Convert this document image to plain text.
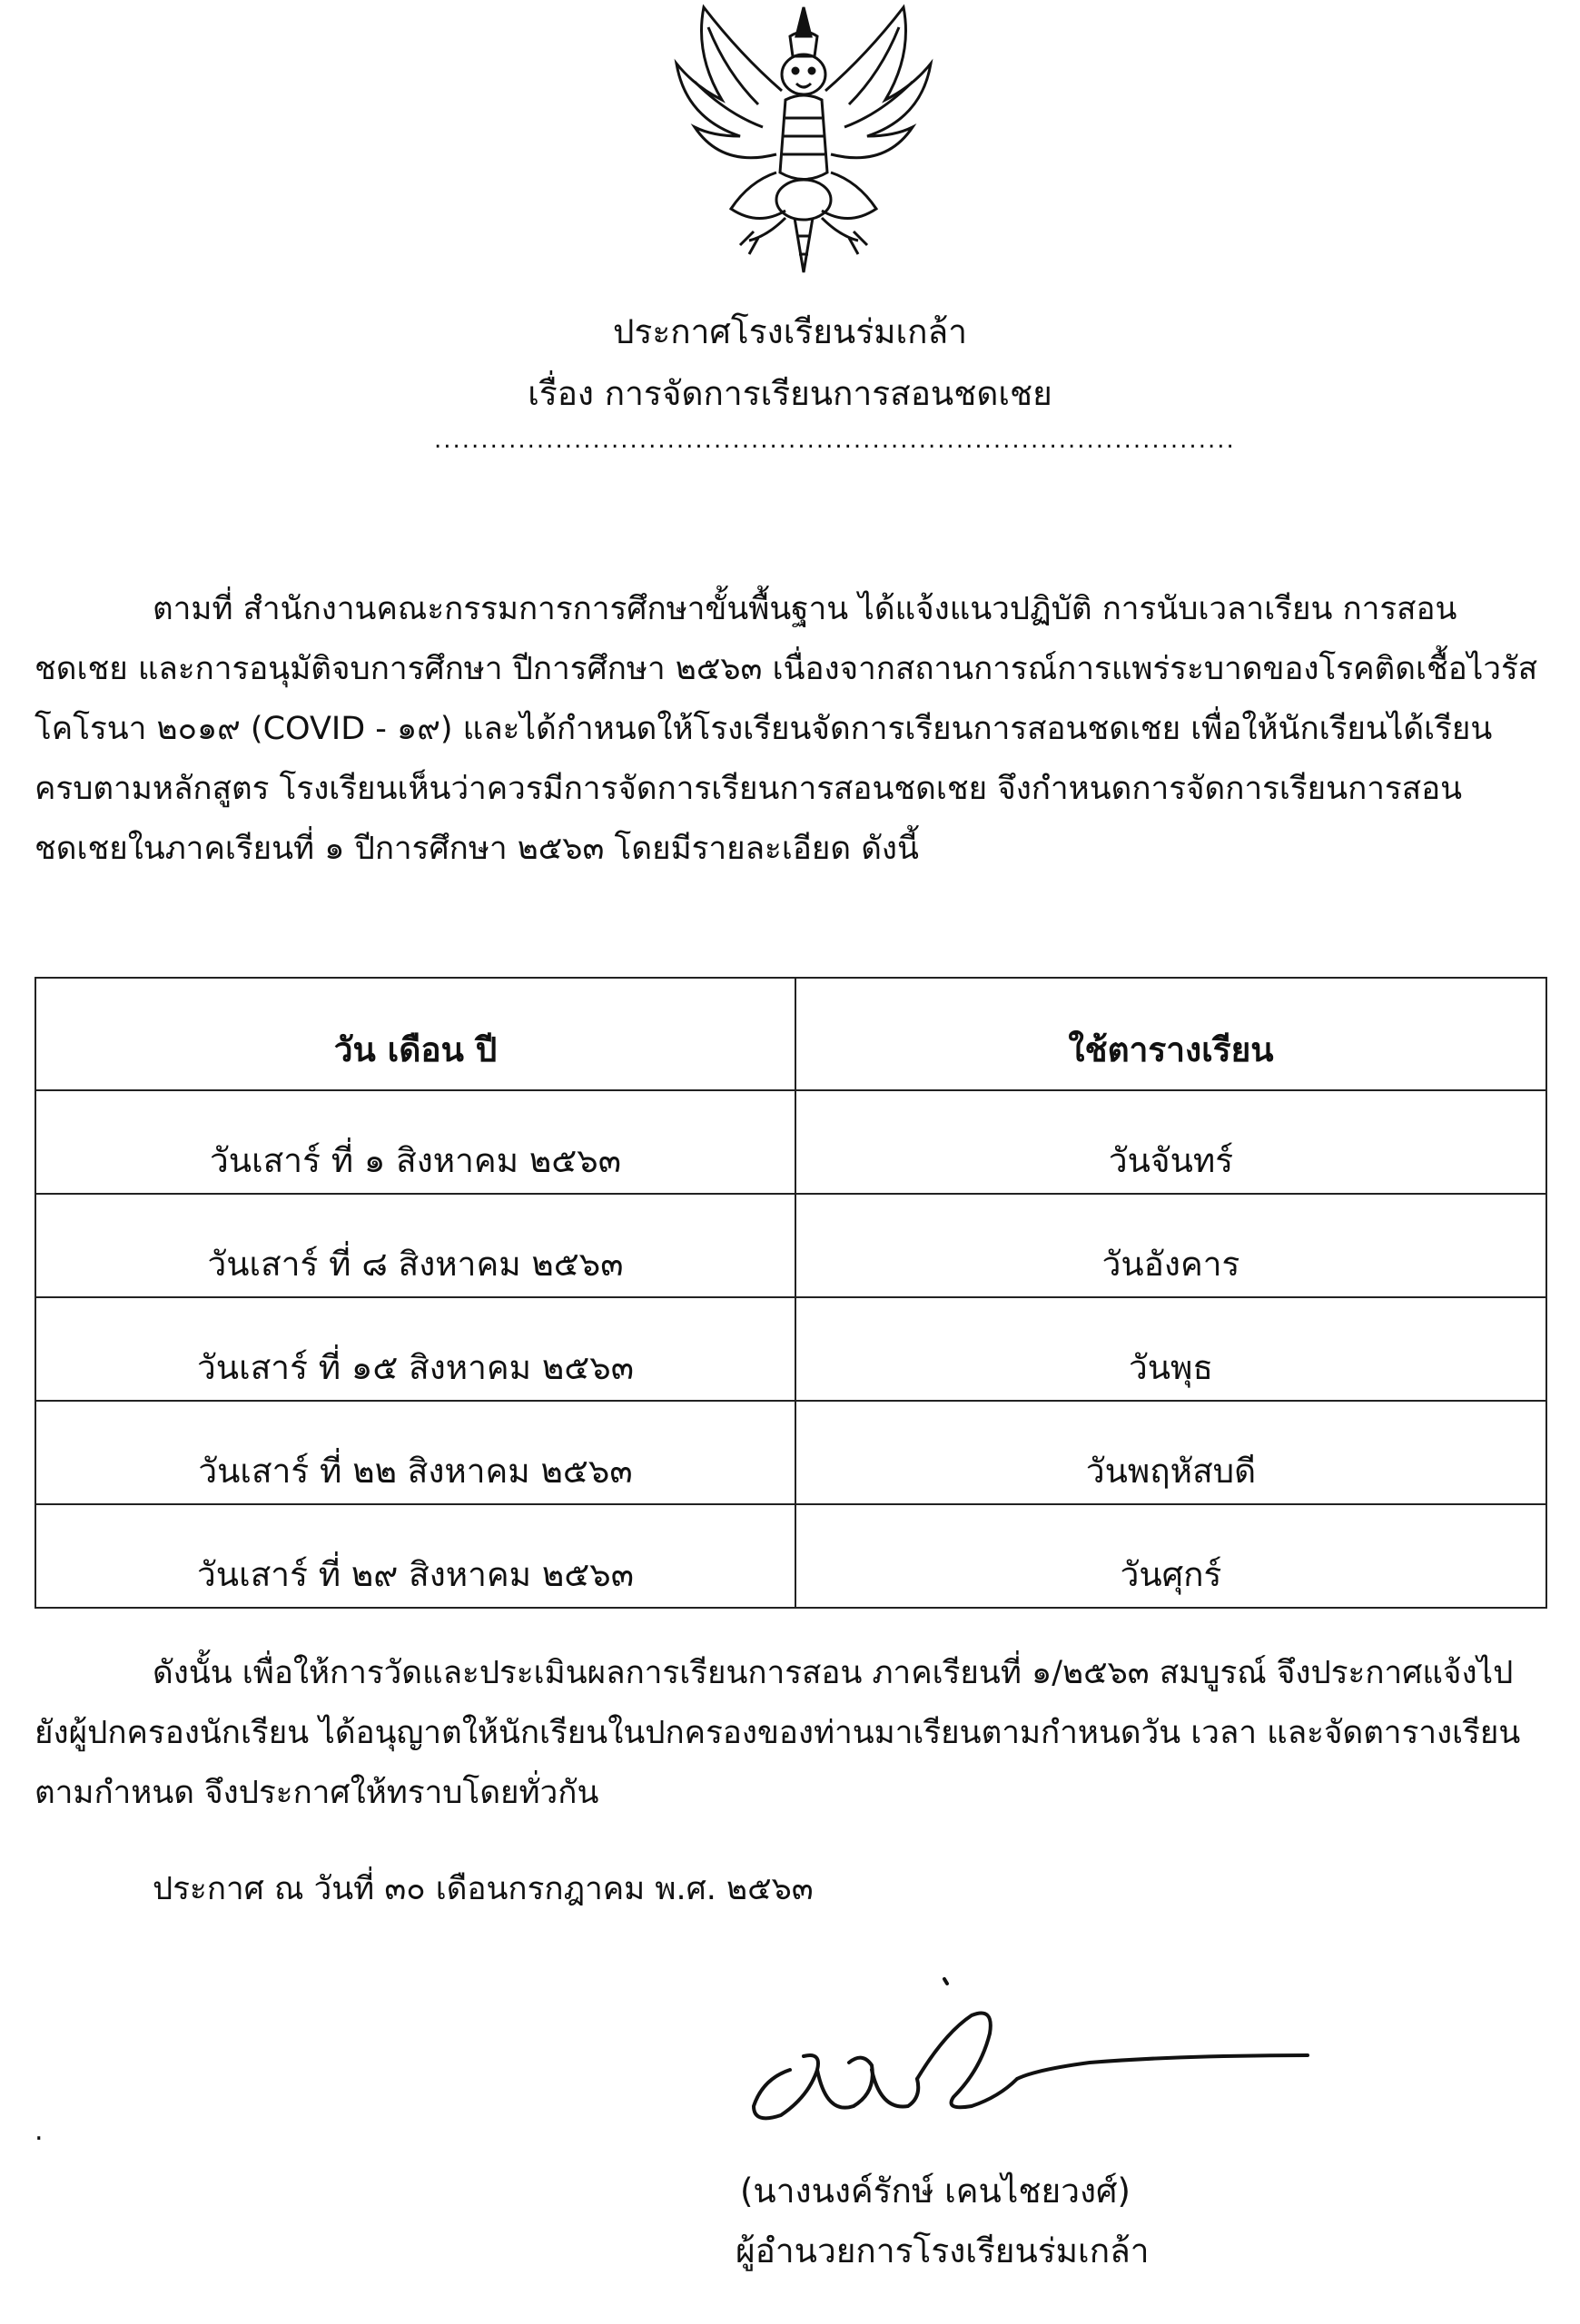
ประกาศโรงเรียนร่มเกล้า
เรื่อง การจัดการเรียนการสอนชดเชย
......................................................................................
ตามที่ สำนักงานคณะกรรมการการศึกษาขั้นพื้นฐาน ได้แจ้งแนวปฏิบัติ การนับเวลาเรียน การสอนชดเชย และการอนุมัติจบการศึกษา ปีการศึกษา ๒๕๖๓ เนื่องจากสถานการณ์การแพร่ระบาดของโรคติดเชื้อไวรัสโคโรนา ๒๐๑๙ (COVID - ๑๙) และได้กำหนดให้โรงเรียนจัดการเรียนการสอนชดเชย เพื่อให้นักเรียนได้เรียนครบตามหลักสูตร โรงเรียนเห็นว่าควรมีการจัดการเรียนการสอนชดเชย จึงกำหนดการจัดการเรียนการสอนชดเชยในภาคเรียนที่ ๑ ปีการศึกษา ๒๕๖๓ โดยมีรายละเอียด ดังนี้
วัน เดือน ปี	ใช้ตารางเรียน
วันเสาร์ ที่ ๑ สิงหาคม ๒๕๖๓	วันจันทร์
วันเสาร์ ที่ ๘ สิงหาคม ๒๕๖๓	วันอังคาร
วันเสาร์ ที่ ๑๕ สิงหาคม ๒๕๖๓	วันพุธ
วันเสาร์ ที่ ๒๒ สิงหาคม ๒๕๖๓	วันพฤหัสบดี
วันเสาร์ ที่ ๒๙ สิงหาคม ๒๕๖๓	วันศุกร์
ดังนั้น เพื่อให้การวัดและประเมินผลการเรียนการสอน ภาคเรียนที่ ๑/๒๕๖๓ สมบูรณ์ จึงประกาศแจ้งไปยังผู้ปกครองนักเรียน ได้อนุญาตให้นักเรียนในปกครองของท่านมาเรียนตามกำหนดวัน เวลา และจัดตารางเรียนตามกำหนด จึงประกาศให้ทราบโดยทั่วกัน
ประกาศ ณ วันที่ ๓๐ เดือนกรกฎาคม พ.ศ. ๒๕๖๓
.
(นางนงค์รักษ์ เคนไชยวงศ์)
ผู้อำนวยการโรงเรียนร่มเกล้า
